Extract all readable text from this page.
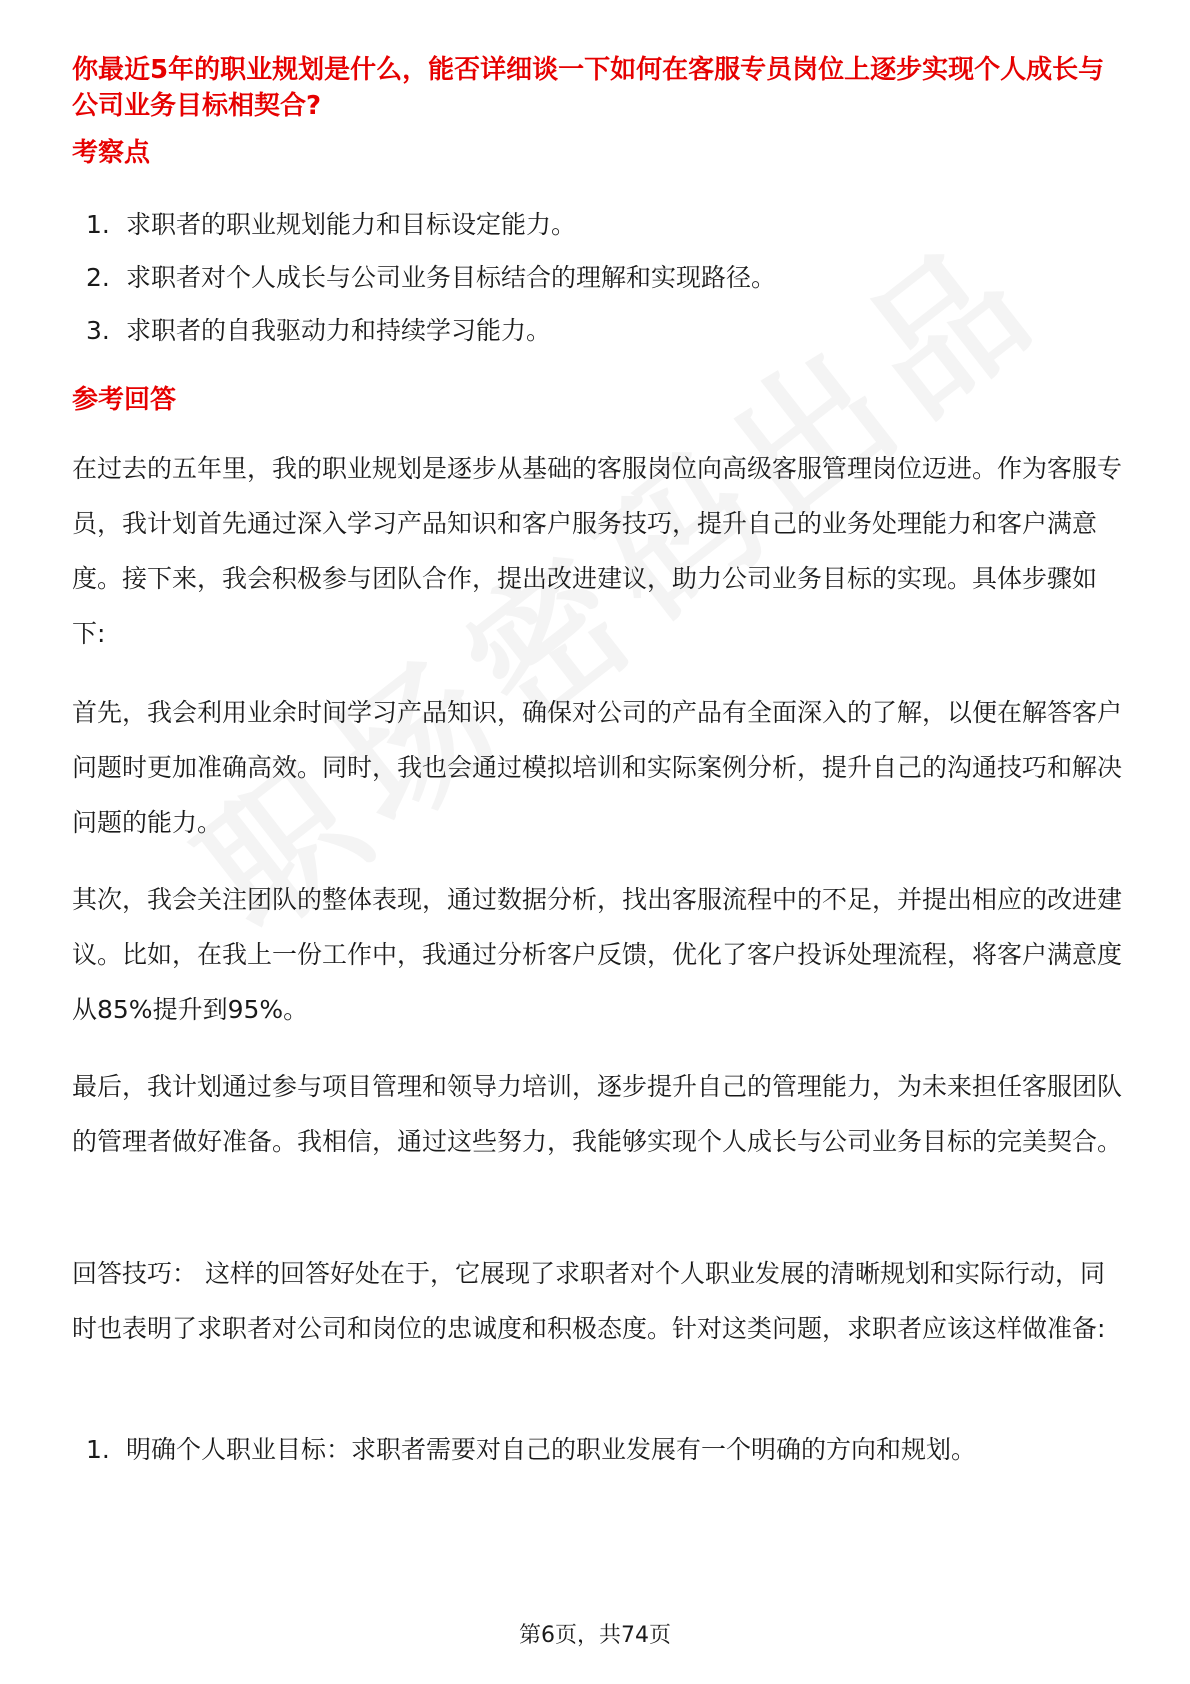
你最近5年的职业规划是什么，能否详细谈一下如何在客服专员岗位上逐步实现个人成长与公司业务目标相契合?

考察点

1. 求职者的职业规划能力和目标设定能力。

2. 求职者对个人成长与公司业务目标结合的理解和实现路径。

3. 求职者的自我驱动力和持续学习能力。

参考回答

在过去的五年里，我的职业规划是逐步从基础的客服岗位向高级客服管理岗位迈进。作为客服专员，我计划首先通过深入学习产品知识和客户服务技巧，提升自己的业务处理能力和客户满意度。接下来，我会积极参与团队合作，提出改进建议，助力公司业务目标的实现。具体步骤如下:

首先，我会利用业余时间学习产品知识，确保对公司的产品有全面深入的了解，以便在解答客户问题时更加准确高效。同时，我也会通过模拟培训和实际案例分析，提升自己的沟通技巧和解决问题的能力。

其次，我会关注团队的整体表现，通过数据分析，找出客服流程中的不足，并提出相应的改进建议。比如，在我上一份工作中，我通过分析客户反馈，优化了客户投诉处理流程，将客户满意度从85%提升到95%。

最后，我计划通过参与项目管理和领导力培训，逐步提升自己的管理能力，为未来担任客服团队的管理者做好准备。我相信，通过这些努力，我能够实现个人成长与公司业务目标的完美契合。

回答技巧： 这样的回答好处在于，它展现了求职者对个人职业发展的清晰规划和实际行动，同时也表明了求职者对公司和岗位的忠诚度和积极态度。针对这类问题，求职者应该这样做准备:

1. 明确个人职业目标：求职者需要对自己的职业发展有一个明确的方向和规划。

第6页，共74页
